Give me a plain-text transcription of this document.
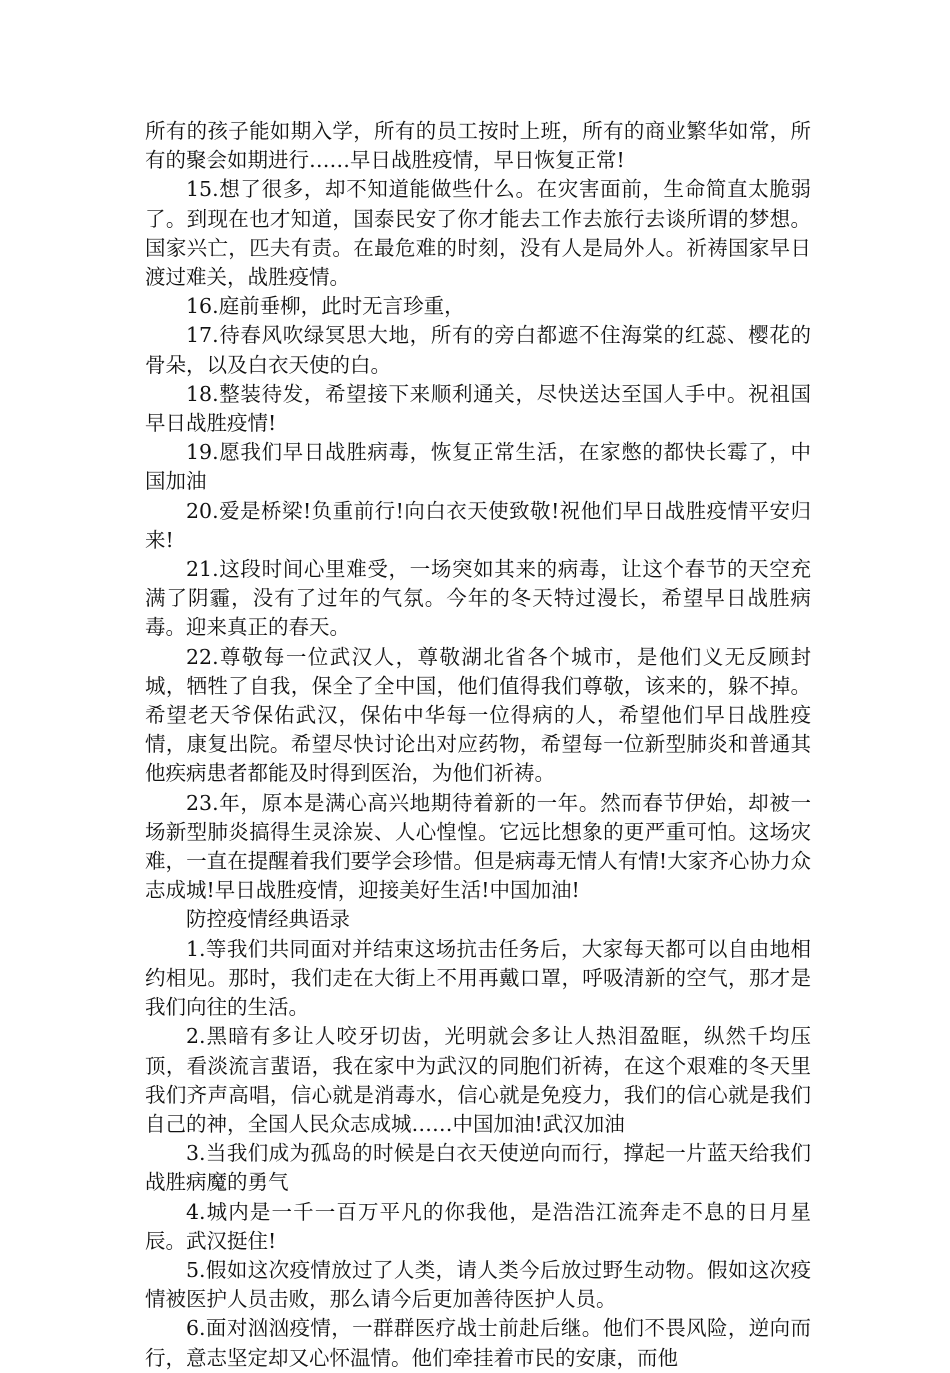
所有的孩子能如期入学，所有的员工按时上班，所有的商业繁华如常，所有的聚会如期进行……早日战胜疫情，早日恢复正常!

15.想了很多，却不知道能做些什么。在灾害面前，生命简直太脆弱了。到现在也才知道，国泰民安了你才能去工作去旅行去谈所谓的梦想。国家兴亡，匹夫有责。在最危难的时刻，没有人是局外人。祈祷国家早日渡过难关，战胜疫情。

16.庭前垂柳，此时无言珍重，

17.待春风吹绿冥思大地，所有的旁白都遮不住海棠的红蕊、樱花的骨朵，以及白衣天使的白。

18.整装待发，希望接下来顺利通关，尽快送达至国人手中。祝祖国早日战胜疫情!

19.愿我们早日战胜病毒，恢复正常生活，在家憋的都快长霉了，中国加油

20.爱是桥梁!负重前行!向白衣天使致敬!祝他们早日战胜疫情平安归来!

21.这段时间心里难受，一场突如其来的病毒，让这个春节的天空充满了阴霾，没有了过年的气氛。今年的冬天特过漫长，希望早日战胜病毒。迎来真正的春天。

22.尊敬每一位武汉人，尊敬湖北省各个城市，是他们义无反顾封城，牺牲了自我，保全了全中国，他们值得我们尊敬，该来的，躲不掉。希望老天爷保佑武汉，保佑中华每一位得病的人，希望他们早日战胜疫情，康复出院。希望尽快讨论出对应药物，希望每一位新型肺炎和普通其他疾病患者都能及时得到医治，为他们祈祷。

23.年，原本是满心高兴地期待着新的一年。然而春节伊始，却被一场新型肺炎搞得生灵涂炭、人心惶惶。它远比想象的更严重可怕。这场灾难，一直在提醒着我们要学会珍惜。但是病毒无情人有情!大家齐心协力众志成城!早日战胜疫情，迎接美好生活!中国加油!

防控疫情经典语录

1.等我们共同面对并结束这场抗击任务后，大家每天都可以自由地相约相见。那时，我们走在大街上不用再戴口罩，呼吸清新的空气，那才是我们向往的生活。

2.黑暗有多让人咬牙切齿，光明就会多让人热泪盈眶，纵然千均压顶，看淡流言蜚语，我在家中为武汉的同胞们祈祷，在这个艰难的冬天里我们齐声高唱，信心就是消毒水，信心就是免疫力，我们的信心就是我们自己的神，全国人民众志成城……中国加油!武汉加油

3.当我们成为孤岛的时候是白衣天使逆向而行，撑起一片蓝天给我们战胜病魔的勇气

4.城内是一千一百万平凡的你我他，是浩浩江流奔走不息的日月星辰。武汉挺住!

5.假如这次疫情放过了人类，请人类今后放过野生动物。假如这次疫情被医护人员击败，那么请今后更加善待医护人员。

6.面对汹汹疫情，一群群医疗战士前赴后继。他们不畏风险，逆向而行，意志坚定却又心怀温情。他们牵挂着市民的安康，而他
